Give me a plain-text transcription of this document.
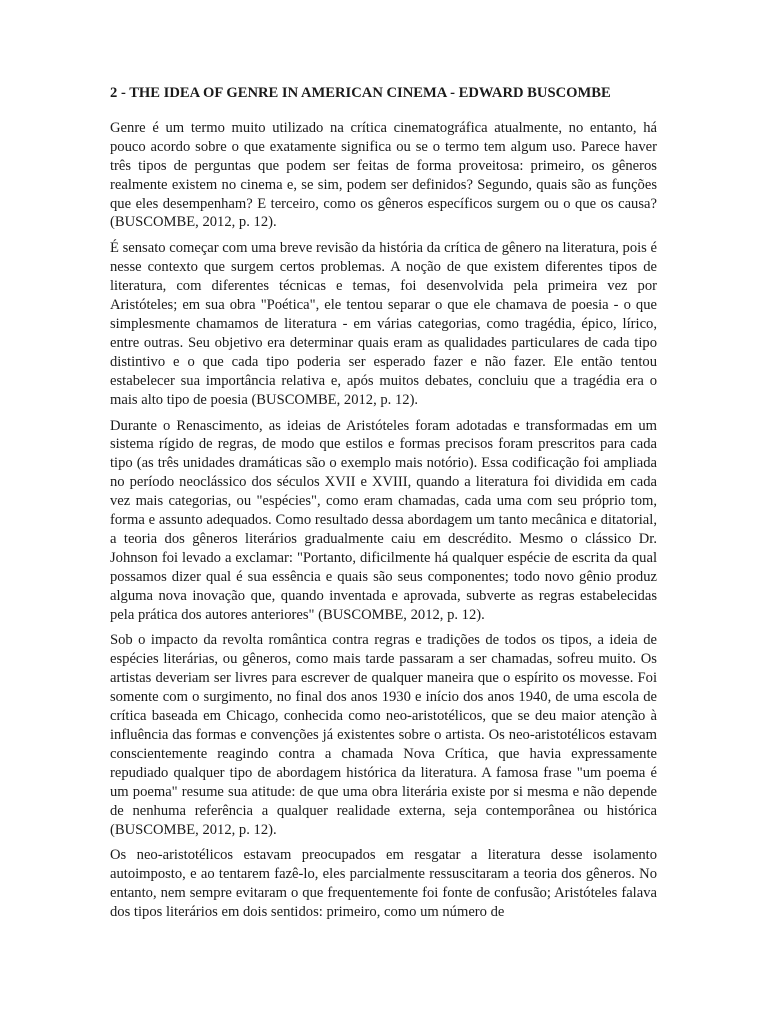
2 - THE IDEA OF GENRE IN AMERICAN CINEMA - EDWARD BUSCOMBE

Genre é um termo muito utilizado na crítica cinematográfica atualmente, no entanto, há pouco acordo sobre o que exatamente significa ou se o termo tem algum uso. Parece haver três tipos de perguntas que podem ser feitas de forma proveitosa: primeiro, os gêneros realmente existem no cinema e, se sim, podem ser definidos? Segundo, quais são as funções que eles desempenham? E terceiro, como os gêneros específicos surgem ou o que os causa? (BUSCOMBE, 2012, p. 12).

É sensato começar com uma breve revisão da história da crítica de gênero na literatura, pois é nesse contexto que surgem certos problemas. A noção de que existem diferentes tipos de literatura, com diferentes técnicas e temas, foi desenvolvida pela primeira vez por Aristóteles; em sua obra "Poética", ele tentou separar o que ele chamava de poesia - o que simplesmente chamamos de literatura - em várias categorias, como tragédia, épico, lírico, entre outras. Seu objetivo era determinar quais eram as qualidades particulares de cada tipo distintivo e o que cada tipo poderia ser esperado fazer e não fazer. Ele então tentou estabelecer sua importância relativa e, após muitos debates, concluiu que a tragédia era o mais alto tipo de poesia (BUSCOMBE, 2012, p. 12).

Durante o Renascimento, as ideias de Aristóteles foram adotadas e transformadas em um sistema rígido de regras, de modo que estilos e formas precisos foram prescritos para cada tipo (as três unidades dramáticas são o exemplo mais notório). Essa codificação foi ampliada no período neoclássico dos séculos XVII e XVIII, quando a literatura foi dividida em cada vez mais categorias, ou "espécies", como eram chamadas, cada uma com seu próprio tom, forma e assunto adequados. Como resultado dessa abordagem um tanto mecânica e ditatorial, a teoria dos gêneros literários gradualmente caiu em descrédito. Mesmo o clássico Dr. Johnson foi levado a exclamar: "Portanto, dificilmente há qualquer espécie de escrita da qual possamos dizer qual é sua essência e quais são seus componentes; todo novo gênio produz alguma nova inovação que, quando inventada e aprovada, subverte as regras estabelecidas pela prática dos autores anteriores" (BUSCOMBE, 2012, p. 12).

Sob o impacto da revolta romântica contra regras e tradições de todos os tipos, a ideia de espécies literárias, ou gêneros, como mais tarde passaram a ser chamadas, sofreu muito. Os artistas deveriam ser livres para escrever de qualquer maneira que o espírito os movesse. Foi somente com o surgimento, no final dos anos 1930 e início dos anos 1940, de uma escola de crítica baseada em Chicago, conhecida como neo-aristotélicos, que se deu maior atenção à influência das formas e convenções já existentes sobre o artista. Os neo-aristotélicos estavam conscientemente reagindo contra a chamada Nova Crítica, que havia expressamente repudiado qualquer tipo de abordagem histórica da literatura. A famosa frase "um poema é um poema" resume sua atitude: de que uma obra literária existe por si mesma e não depende de nenhuma referência a qualquer realidade externa, seja contemporânea ou histórica (BUSCOMBE, 2012, p. 12).

Os neo-aristotélicos estavam preocupados em resgatar a literatura desse isolamento autoimposto, e ao tentarem fazê-lo, eles parcialmente ressuscitaram a teoria dos gêneros. No entanto, nem sempre evitaram o que frequentemente foi fonte de confusão; Aristóteles falava dos tipos literários em dois sentidos: primeiro, como um número de
